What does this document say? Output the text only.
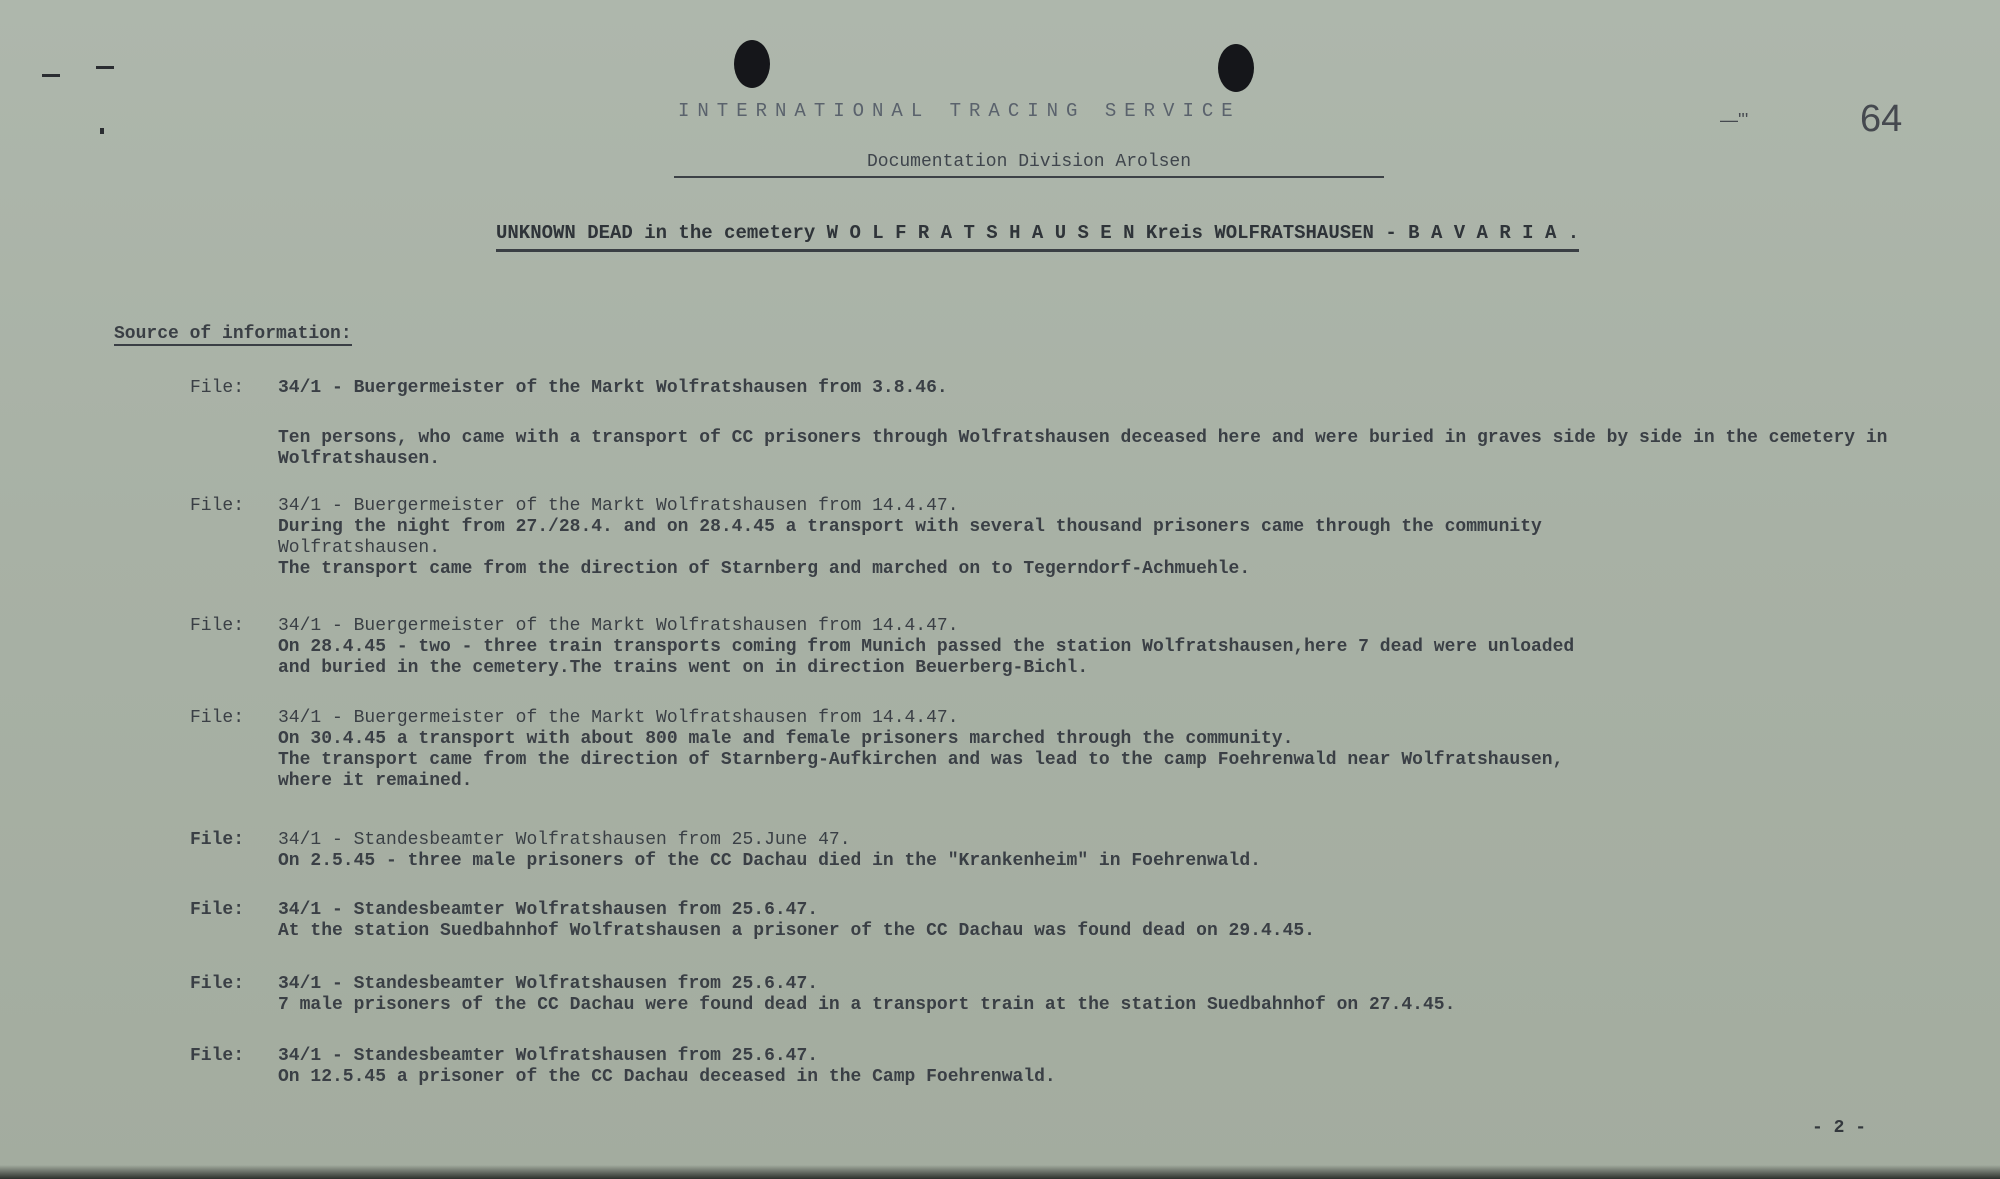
INTERNATIONAL TRACING SERVICE
Documentation Division Arolsen
—'''	64
UNKNOWN DEAD in the cemetery W O L F R A T S H A U S E N Kreis WOLFRATSHAUSEN - B A V A R I A .
Source of information:
File:	34/1 - Buergermeister of the Markt Wolfratshausen from 3.8.46.
Ten persons, who came with a transport of CC prisoners through Wolfratshausen deceased here and were buried in graves side by side in the cemetery in Wolfratshausen.
File:	34/1 - Buergermeister of the Markt Wolfratshausen from 14.4.47.
During the night from 27./28.4. and on 28.4.45 a transport with several thousand prisoners came through the community
Wolfratshausen.
The transport came from the direction of Starnberg and marched on to Tegerndorf-Achmuehle.
File:	34/1 - Buergermeister of the Markt Wolfratshausen from 14.4.47.
On 28.4.45 - two - three train transports coming from Munich passed the station Wolfratshausen,here 7 dead were unloaded
and buried in the cemetery.The trains went on in direction Beuerberg-Bichl.
File:	34/1 - Buergermeister of the Markt Wolfratshausen from 14.4.47.
On 30.4.45 a transport with about 800 male and female prisoners marched through the community.
The transport came from the direction of Starnberg-Aufkirchen and was lead to the camp Foehrenwald near Wolfratshausen,
where it remained.
File:	34/1 - Standesbeamter Wolfratshausen from 25.June 47.
On 2.5.45 - three male prisoners of the CC Dachau died in the "Krankenheim" in Foehrenwald.
File:	34/1 - Standesbeamter Wolfratshausen from 25.6.47.
At the station Suedbahnhof Wolfratshausen a prisoner of the CC Dachau was found dead on 29.4.45.
File:	34/1 - Standesbeamter Wolfratshausen from 25.6.47.
7 male prisoners of the CC Dachau were found dead in a transport train at the station Suedbahnhof on 27.4.45.
File:	34/1 - Standesbeamter Wolfratshausen from 25.6.47.
On 12.5.45 a prisoner of the CC Dachau deceased in the Camp Foehrenwald.
- 2 -
